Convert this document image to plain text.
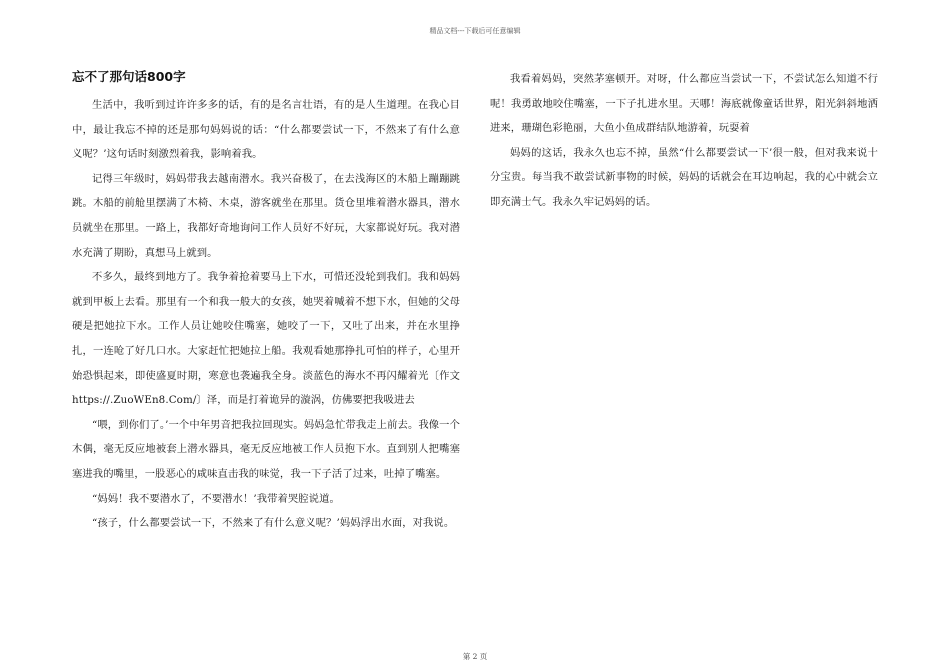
精品文档---下载后可任意编辑
忘不了那句话800字

生活中，我听到过许许多多的话，有的是名言壮语，有的是人生道理。在我心目中，最让我忘不掉的还是那句妈妈说的话：“什么都要尝试一下，不然来了有什么意义呢？’这句话时刻激烈着我，影响着我。

记得三年级时，妈妈带我去越南潜水。我兴奋极了，在去浅海区的木船上蹦蹦跳跳。木船的前舱里摆满了木椅、木桌，游客就坐在那里。货仓里堆着潜水器具，潜水员就坐在那里。一路上，我都好奇地询问工作人员好不好玩，大家都说好玩。我对潜水充满了期盼，真想马上就到。

不多久，最终到地方了。我争着抢着要马上下水，可惜还没轮到我们。我和妈妈就到甲板上去看。那里有一个和我一般大的女孩，她哭着喊着不想下水，但她的父母硬是把她拉下水。工作人员让她咬住嘴塞，她咬了一下，又吐了出来，并在水里挣扎，一连呛了好几口水。大家赶忙把她拉上船。我观看她那挣扎可怕的样子，心里开始恐惧起来，即使盛夏时期，寒意也袭遍我全身。淡蓝色的海水不再闪耀着光〔作文https://.ZuoWEn8.Com/〕泽，而是打着诡异的漩涡，仿佛要把我吸进去

“喂，到你们了。’一个中年男音把我拉回现实。妈妈急忙带我走上前去。我像一个木偶，毫无反应地被套上潜水器具，毫无反应地被工作人员抱下水。直到别人把嘴塞塞进我的嘴里，一股恶心的咸味直击我的味觉，我一下子活了过来，吐掉了嘴塞。

“妈妈！我不要潜水了，不要潜水！’我带着哭腔说道。

“孩子，什么都要尝试一下，不然来了有什么意义呢？’妈妈浮出水面，对我说。

我看着妈妈，突然茅塞顿开。对呀，什么都应当尝试一下，不尝试怎么知道不行呢！我勇敢地咬住嘴塞，一下子扎进水里。天哪！海底就像童话世界，阳光斜斜地洒进来，珊瑚色彩艳丽，大鱼小鱼成群结队地游着，玩耍着

妈妈的这话，我永久也忘不掉，虽然“什么都要尝试一下’很一般，但对我来说十分宝贵。每当我不敢尝试新事物的时候，妈妈的话就会在耳边响起，我的心中就会立即充满士气。我永久牢记妈妈的话。

第 2 页
